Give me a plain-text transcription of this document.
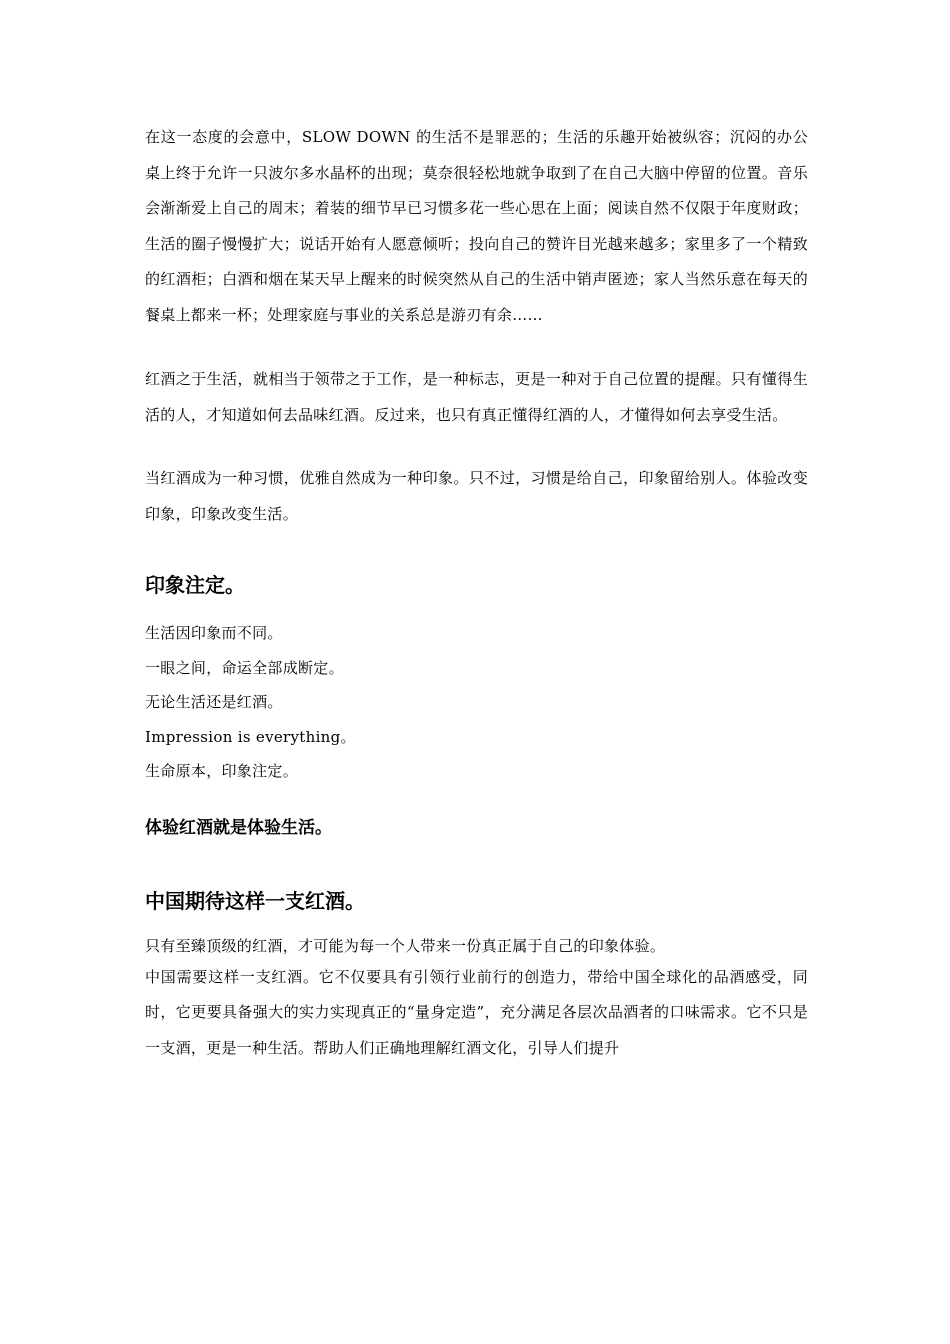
在这一态度的会意中，SLOW DOWN 的生活不是罪恶的；生活的乐趣开始被纵容；沉闷的办公桌上终于允许一只波尔多水晶杯的出现；莫奈很轻松地就争取到了在自己大脑中停留的位置。音乐会渐渐爱上自己的周末；着装的细节早已习惯多花一些心思在上面；阅读自然不仅限于年度财政；生活的圈子慢慢扩大；说话开始有人愿意倾听；投向自己的赞许目光越来越多；家里多了一个精致的红酒柜；白酒和烟在某天早上醒来的时候突然从自己的生活中销声匿迹；家人当然乐意在每天的餐桌上都来一杯；处理家庭与事业的关系总是游刃有余……

红酒之于生活，就相当于领带之于工作，是一种标志，更是一种对于自己位置的提醒。只有懂得生活的人，才知道如何去品味红酒。反过来，也只有真正懂得红酒的人，才懂得如何去享受生活。

当红酒成为一种习惯，优雅自然成为一种印象。只不过，习惯是给自己，印象留给别人。体验改变印象，印象改变生活。

印象注定。

生活因印象而不同。

一眼之间，命运全部成断定。

无论生活还是红酒。

Impression is everything。

生命原本，印象注定。

体验红酒就是体验生活。
中国期待这样一支红酒。

只有至臻顶级的红酒，才可能为每一个人带来一份真正属于自己的印象体验。

中国需要这样一支红酒。它不仅要具有引领行业前行的创造力，带给中国全球化的品酒感受，同时，它更要具备强大的实力实现真正的“量身定造”，充分满足各层次品酒者的口味需求。它不只是一支酒，更是一种生活。帮助人们正确地理解红酒文化，引导人们提升
